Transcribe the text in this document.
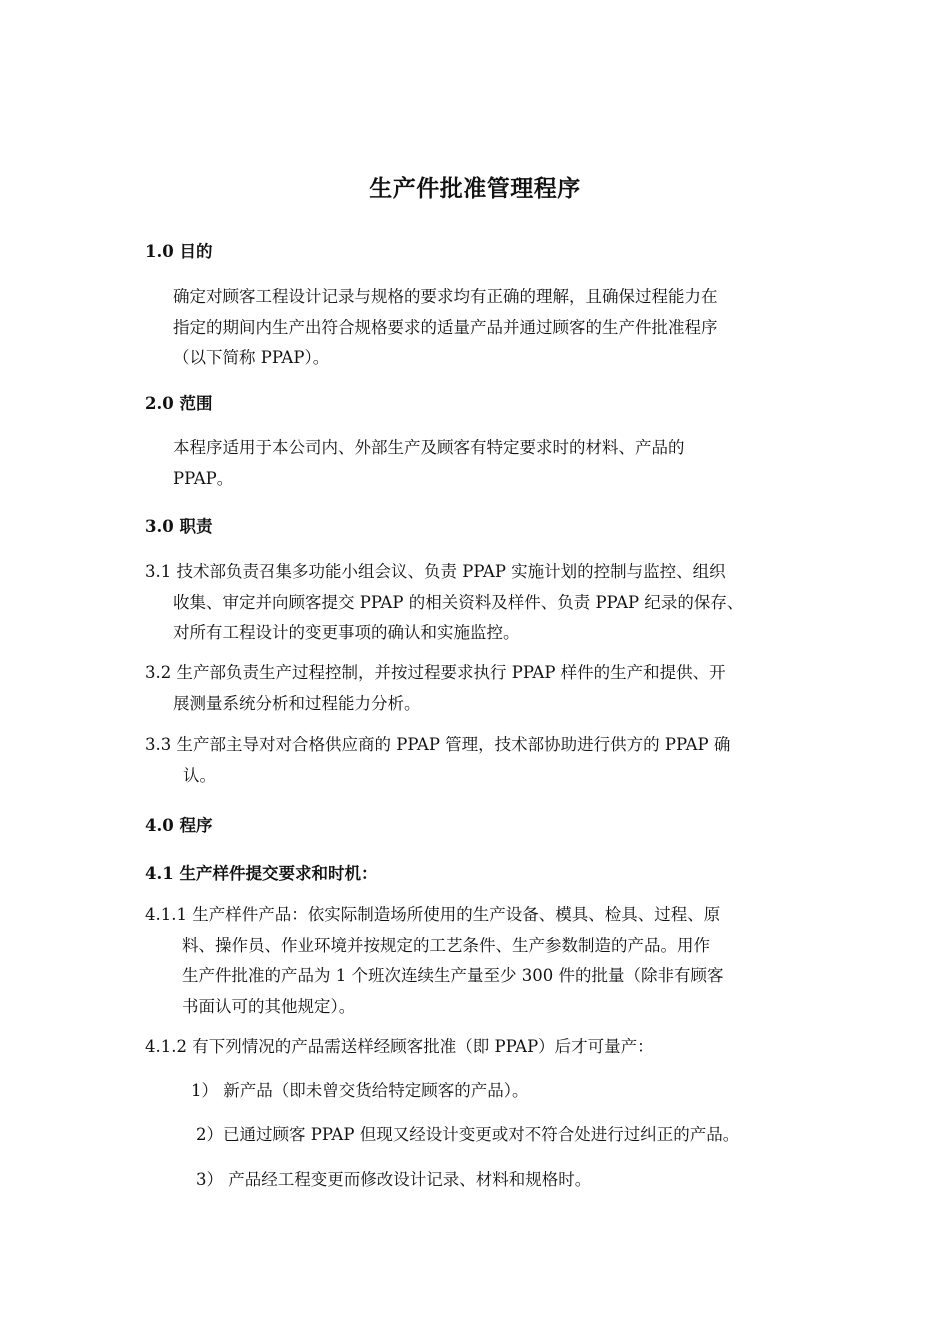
生产件批准管理程序
1.0 目的
确定对顾客工程设计记录与规格的要求均有正确的理解，且确保过程能力在
指定的期间内生产出符合规格要求的适量产品并通过顾客的生产件批准程序
（以下简称 PPAP）。
2.0 范围
本程序适用于本公司内、外部生产及顾客有特定要求时的材料、产品的
PPAP。
3.0 职责
3.1 技术部负责召集多功能小组会议、负责 PPAP 实施计划的控制与监控、组织
收集、审定并向顾客提交 PPAP 的相关资料及样件、负责 PPAP 纪录的保存、
对所有工程设计的变更事项的确认和实施监控。
3.2 生产部负责生产过程控制，并按过程要求执行 PPAP 样件的生产和提供、开
展测量系统分析和过程能力分析。
3.3 生产部主导对对合格供应商的 PPAP 管理，技术部协助进行供方的 PPAP 确
认。
4.0 程序
4.1 生产样件提交要求和时机：
4.1.1 生产样件产品：依实际制造场所使用的生产设备、模具、检具、过程、原
料、操作员、作业环境并按规定的工艺条件、生产参数制造的产品。用作
生产件批准的产品为 1 个班次连续生产量至少 300 件的批量（除非有顾客
书面认可的其他规定）。
4.1.2 有下列情况的产品需送样经顾客批准（即 PPAP）后才可量产：
1） 新产品（即未曾交货给特定顾客的产品）。
2）已通过顾客 PPAP 但现又经设计变更或对不符合处进行过纠正的产品。
3） 产品经工程变更而修改设计记录、材料和规格时。
